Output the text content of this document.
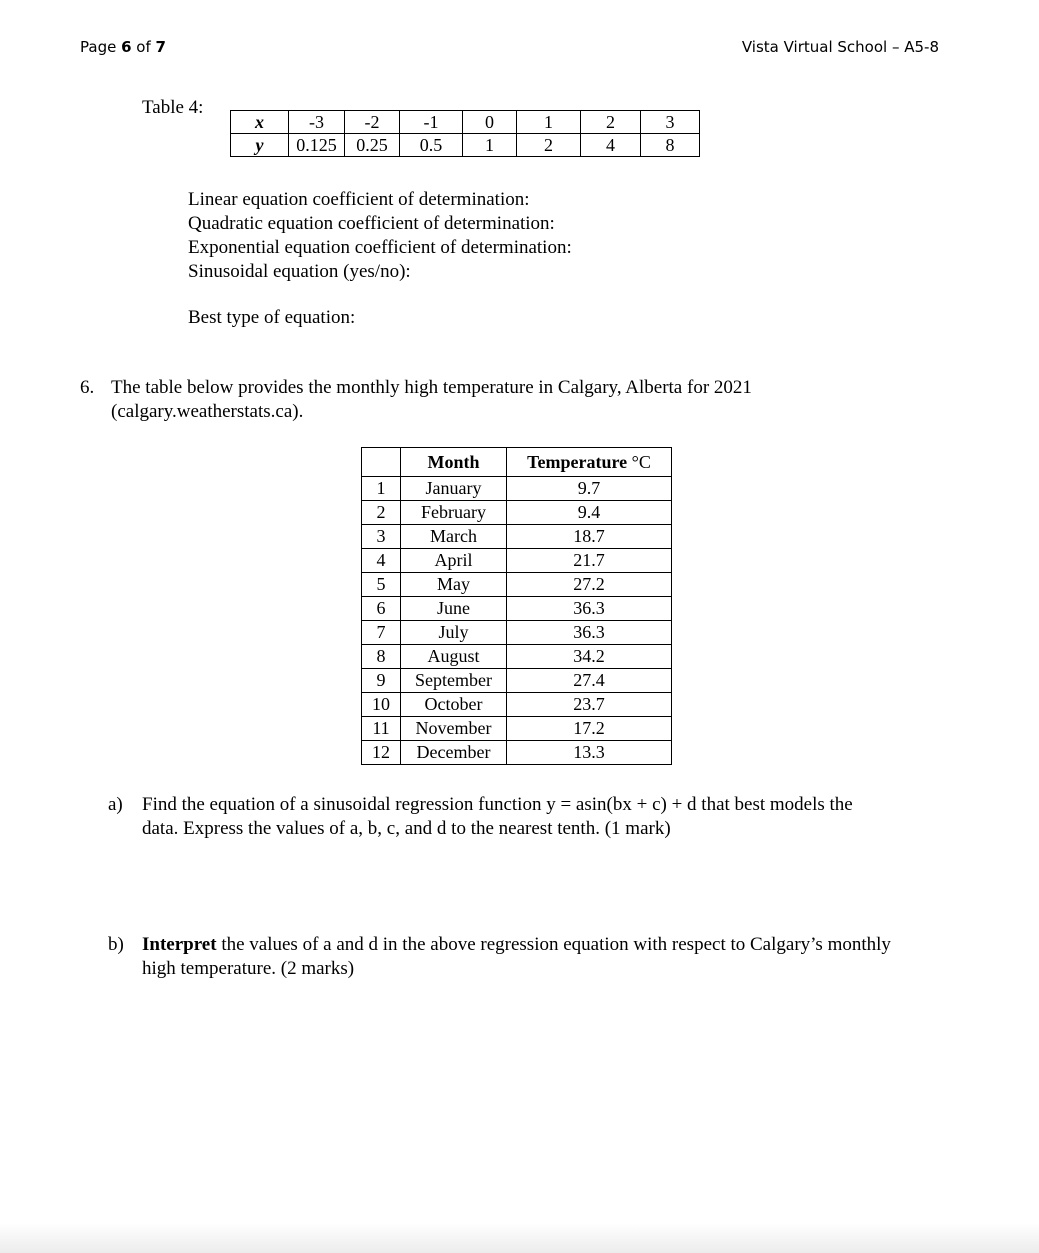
Page 6 of 7	Vista Virtual School – A5-8
Table 4:
x	-3	-2	-1	0	1	2	3
y	0.125	0.25	0.5	1	2	4	8
Linear equation coefficient of determination:
Quadratic equation coefficient of determination:
Exponential equation coefficient of determination:
Sinusoidal equation (yes/no):
Best type of equation:
6. The table below provides the monthly high temperature in Calgary, Alberta for 2021
(calgary.weatherstats.ca).
	Month	Temperature °C
1	January	9.7
2	February	9.4
3	March	18.7
4	April	21.7
5	May	27.2
6	June	36.3
7	July	36.3
8	August	34.2
9	September	27.4
10	October	23.7
11	November	17.2
12	December	13.3
a) Find the equation of a sinusoidal regression function y = asin(bx + c) + d that best models the
data. Express the values of a, b, c, and d to the nearest tenth. (1 mark)
b) Interpret the values of a and d in the above regression equation with respect to Calgary’s monthly
high temperature. (2 marks)
